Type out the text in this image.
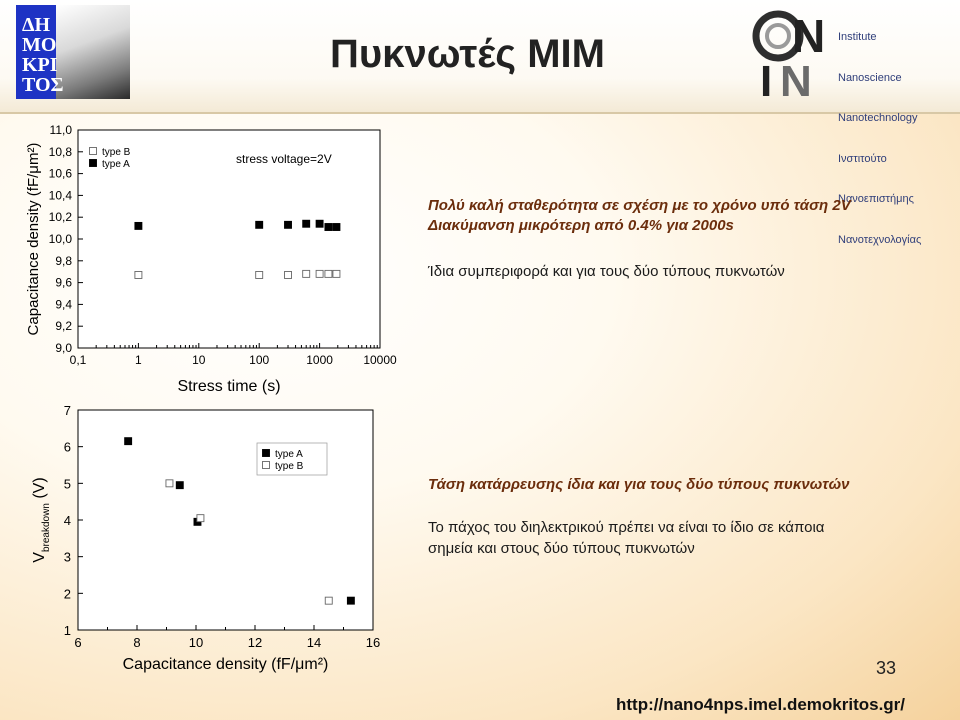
ΔΗ
ΜΟ
ΚΡΙ
ΤΟΣ
Πυκνωτές MIM	N
I N

Institute

Nanoscience

Nanotechnology

Ινστιτούτο

Νανοεπιστήμης

Νανοτεχνολογίας

0,1	1	10	100	1000	10000
9,0
9,2
9,4
9,6
9,8
10,0
10,2
10,4
10,6
10,8
11,0
Stress time (s)
Capacitance density (fF/μm²)	stress voltage=2V
type B
type A
6	8	10	12	14	16
1
2
3
4
5
6
7
Capacitance density (fF/μm²)
$V_{breakdown}$ (V)
type A
type B
Πολύ καλή σταθερότητα σε σχέση με το χρόνο υπό τάση 2V
Διακύμανση μικρότερη από 0.4% για 2000s
Ίδια συμπεριφορά και για τους δύο τύπους πυκνωτών
Τάση κατάρρευσης ίδια και για τους δύο τύπους πυκνωτών
Το πάχος του διηλεκτρικού πρέπει να είναι το ίδιο σε κάποια
σημεία και στους δύο τύπους πυκνωτών
33
http://nano4nps.imel.demokritos.gr/
